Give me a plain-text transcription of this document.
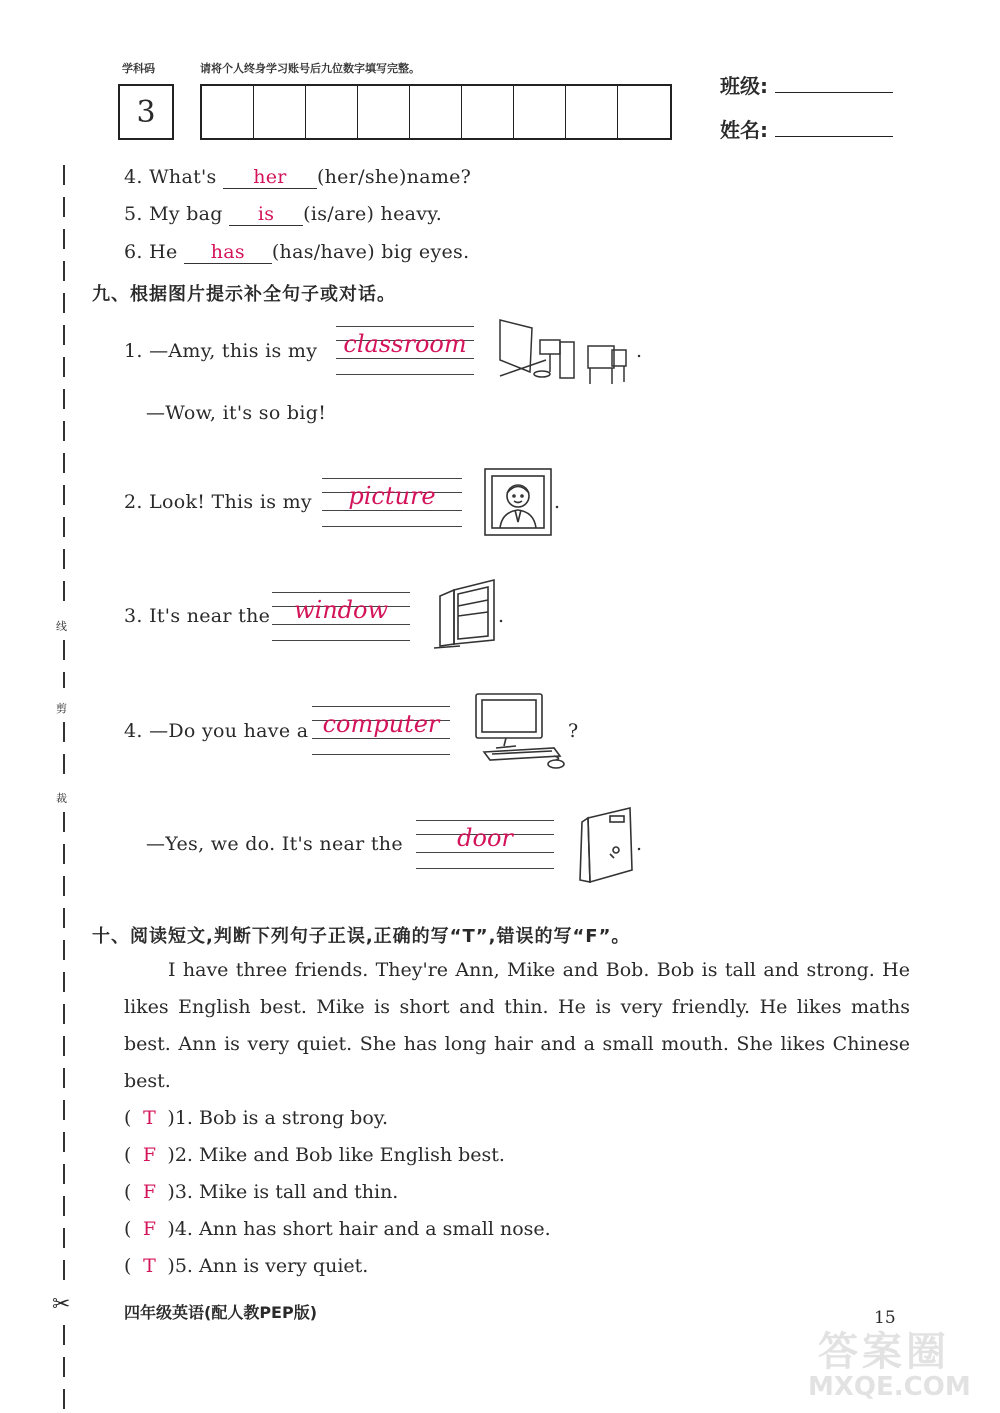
学科码	请将个人终身学习账号后九位数字填写完整。
3
班级:
姓名:
线
剪
裁
✂
4. What's her (her/she)name?
5. My bag is (is/are) heavy.
6. He has (has/have) big eyes.
九、根据图片提示补全句子或对话。
1. —Amy, this is my	classroom	.
—Wow, it's so big!
2. Look! This is my	picture	.
3. It's near the window	.
4. —Do you have a computer	?
—Yes, we do. It's near the	door	.
十、阅读短文,判断下列句子正误,正确的写“T”,错误的写“F”。
I have three friends. They're Ann, Mike and Bob. Bob is tall and strong. He likes English best. Mike is short and thin. He is very friendly. He likes maths best. Ann is very quiet. She has long hair and a small mouth. She likes Chinese best.
( T )1. Bob is a strong boy.
( F )2. Mike and Bob like English best.
( F )3. Mike is tall and thin.
( F )4. Ann has short hair and a small nose.
( T )5. Ann is very quiet.
四年级英语(配人教PEP版)	15
答案圈
MXQE.COM
